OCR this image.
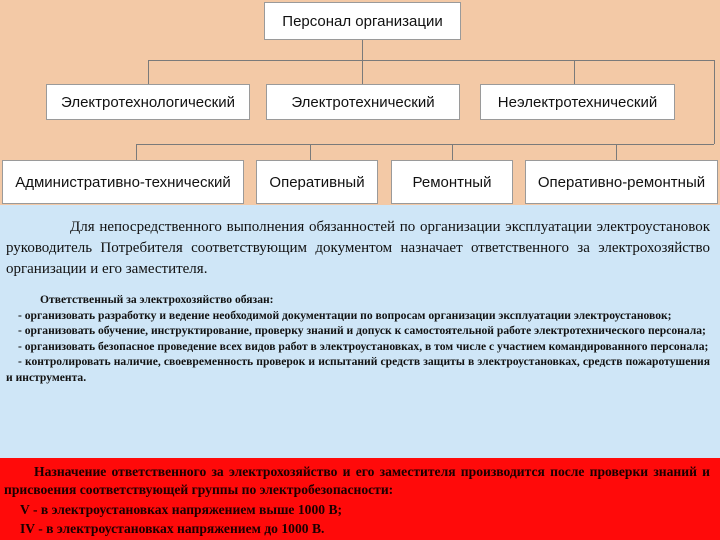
Персонал организации
Электротехнологический	Электротехнический	Неэлектротехнический
Административно-технический	Оперативный	Ремонтный	Оперативно-ремонтный
Для непосредственного выполнения обязанностей по организации эксплуатации электроустановок руководитель Потребителя соответствующим документом назначает ответственного за электрохозяйство организации и его заместителя.
Ответственный за электрохозяйство обязан:
- организовать разработку и ведение необходимой документации по вопросам организации эксплуатации электроустановок;
- организовать обучение, инструктирование, проверку знаний и допуск к самостоятельной работе электротехнического персонала;
- организовать безопасное проведение всех видов работ в электроустановках, в том числе с участием командированного персонала;
- контролировать наличие, своевременность проверок и испытаний средств защиты в электроустановках, средств пожаротушения и инструмента.
Назначение ответственного за электрохозяйство и его заместителя производится после проверки знаний и присвоения соответствующей группы по электробезопасности:
V - в электроустановках напряжением выше 1000 В;
IV - в электроустановках напряжением до 1000 В.
